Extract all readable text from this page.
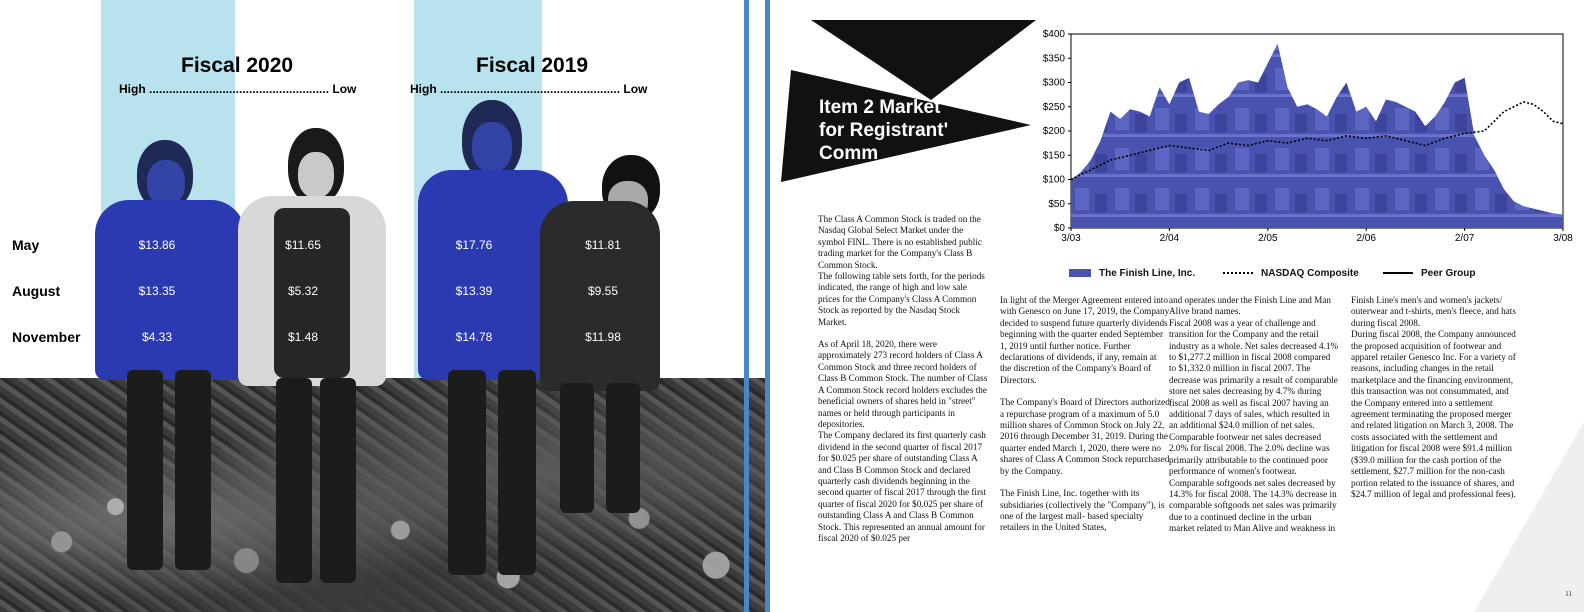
Fiscal 2020
High ...................................................... Low
Fiscal 2019
High ...................................................... Low
May	$13.86	$11.65	$17.76	$11.81
August	$13.35	$5.32	$13.39	$9.55
November	$4.33	$1.48	$14.78	$11.98
Item 2 Market
for Registrant'
Comm
$0
$50
$100
$150
$200
$250
$300
$350
$400
3/03	2/04	2/05	2/06	2/07	3/08
The Finish Line, Inc.	NASDAQ Composite	Peer Group

The Class A Common Stock is traded on the Nasdaq Global Select Market under the symbol FINL. There is no established public trading market for the Company's Class B Common Stock.

The following table sets forth, for the periods indicated, the range of high and low sale prices for the Company's Class A Common Stock as reported by the Nasdaq Stock Market.

As of April 18, 2020, there were approximately 273 record holders of Class A Common Stock and three record holders of Class B Common Stock. The number of Class A Common Stock record holders excludes the beneficial owners of shares held in "street" names or held through participants in depositories.

The Company declared its first quarterly cash dividend in the second quarter of fiscal 2017 for $0.025 per share of outstanding Class A and Class B Common Stock and declared quarterly cash dividends beginning in the second quarter of fiscal 2017 through the first quarter of fiscal 2020 for $0.025 per share of outstanding Class A and Class B Common Stock. This represented an annual amount for fiscal 2020 of $0.025 per

In light of the Merger Agreement entered into with Genesco on June 17, 2019, the Company decided to suspend future quarterly dividends beginning with the quarter ended September 1, 2019 until further notice. Further declarations of dividends, if any, remain at the discretion of the Company's Board of Directors.

The Company's Board of Directors authorized a repurchase program of a maximum of 5.0 million shares of Common Stock on July 22, 2016 through December 31, 2019. During the quarter ended March 1, 2020, there were no shares of Class A Common Stock repurchased by the Company.

The Finish Line, Inc. together with its subsidiaries (collectively the "Company"), is one of the largest mall- based specialty retailers in the United States,

and operates under the Finish Line and Man Alive brand names.

Fiscal 2008 was a year of challenge and transition for the Company and the retail industry as a whole. Net sales decreased 4.1% to $1,277.2 million in fiscal 2008 compared to $1,332.0 million in fiscal 2007. The decrease was primarily a result of comparable store net sales decreasing by 4.7% during fiscal 2008 as well as fiscal 2007 having an additional 7 days of sales, which resulted in an additional $24.0 million of net sales. Comparable footwear net sales decreased 2.0% for fiscal 2008. The 2.0% decline was primarily attributable to the continued poor performance of women's footwear. Comparable softgoods net sales decreased by 14.3% for fiscal 2008. The 14.3% decrease in comparable softgoods net sales was primarily due to a continued decline in the urban market related to Man Alive and weakness in

Finish Line's men's and women's jackets/ outerwear and t-shirts, men's fleece, and hats during fiscal 2008.

During fiscal 2008, the Company announced the proposed acquisition of footwear and apparel retailer Genesco Inc. For a variety of reasons, including changes in the retail marketplace and the financing environment, this transaction was not consummated, and the Company entered into a settlement agreement terminating the proposed merger and related litigation on March 3, 2008. The costs associated with the settlement and litigation for fiscal 2008 were $91.4 million ($39.0 million for the cash portion of the settlement, $27.7 million for the non-cash portion related to the issuance of shares, and $24.7 million of legal and professional fees).

11
